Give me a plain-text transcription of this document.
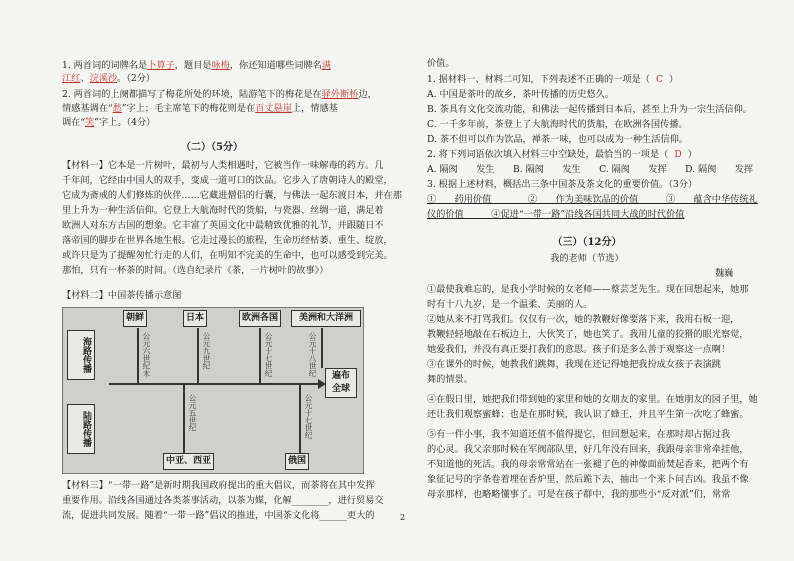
1. 两首词的词牌名是卜算子，题目是咏梅，你还知道哪些词牌名满
江红、浣溪沙。（2分）
2. 两首词的上阕都描写了梅花所处的环境，陆游笔下的梅花是在驿外断桥边，
情感基调在“愁”字上；毛主席笔下的梅花则是在百丈悬崖上，情感基
调在“笑”字上。（4分）
（二）（5分）
【材料一】它本是一片树叶，最初与人类相遇时，它被当作一味解毒的药方。几
千年间，它经由中国人的双手，变成一道可口的饮品。它步入了唐朝诗人的殿堂，
它成为斋戒的人们修炼的伙伴……它藏进僧侣的行囊，与佛法一起东渡日本，并在那
里上升为一种生活信仰。它登上大航海时代的货船，与瓷器、丝绸一道，满足着
欧洲人对东方古国的想象。它丰富了英国文化中最精致优雅的礼节，并跟随日不
落帝国的脚步在世界各地生根。它走过漫长的旅程，生命历经枯萎、重生、绽放，
或许只是为了提醒匆忙行走的人们，在明知不完美的生命中，也可以感受到完美。
那怕，只有一杯茶的时间。（选自纪录片《茶，一片树叶的故事》）
【材料二】中国茶传播示意图
朝鲜	日本	欧洲各国	美洲和大洋洲
海路传播
陆路传播
遍布全球
中亚、西亚	俄国
公元六世纪末	公元九世纪	公元十七世纪	公元十八世纪
公元五世纪	公元十七世纪
【材料三】“一带一路”是新时期我国政府提出的重大倡议，而茶将在其中发挥
重要作用。沿线各国通过各类茶事活动，以茶为媒，化解________，进行贸易交
流，促进共同发展。随着“一带一路”倡议的推进，中国茶文化将______更大的	2
价值。
1. 据材料一、材料二可知，下列表述不正确的一项是（ C ）
A. 中国是茶叶的故乡，茶叶传播的历史悠久。
B. 茶具有文化交流功能，和佛法一起传播到日本后，甚至上升为一宗生活信仰。
C. 一千多年前，茶登上了大航海时代的货船，在欧洲各国传播。
D. 茶不但可以作为饮品，禅茶一味，也可以成为一种生活信仰。
2. 将下列词语依次填入材料三中空缺处，最恰当的一项是（ D ）
A. 隔阂　　发生　　B. 隔阂　　发生　　C. 隔阂　　发挥　　D. 隔阂　　发挥
3. 根据上述材料，概括出三条中国茶及茶文化的重要价值。（3分）
①　　药用价值　　　　②　　作为美味饮品的价值　　　③　　蕴含中华传统礼
仪的价值　　　④促进“一带一路”沿线各国共同大战的时代价值
（三）（12分）
我的老师（节选）
魏巍
①最使我难忘的，是我小学时候的女老师——蔡芸芝先生。现在回想起来，她那
时有十八九岁，是一个温柔、美丽的人。
②她从来不打骂我们。仅仅有一次，她的教鞭好像要落下来，我用石板一迎，
教鞭轻轻地敲在石板边上，大伙笑了，她也笑了。我用儿童的狡猾的眼光察觉，
她爱我们，并没有真正要打我们的意思。孩子们是多么善于观察这一点啊！
③在课外的时候，她教我们跳舞，我现在还记得她把我扮成女孩子表演跳
舞的情景。
④在假日里，她把我们带到她的家里和她的女朋友的家里。在她朋友的园子里，她
还让我们观察蜜蜂；也是在那时候，我认识了蜂王，并且平生第一次吃了蜂蜜。
⑤有一件小事，我不知道还值不值得提它，但回想起来，在那时却占据过我
的心灵。我父亲那时候在军阀部队里，好几年没有回来，我跟母亲非常牵挂他，
不知道他的死活。我的母亲常常站在一张褪了色的神像面前焚起香来，把两个有
象征记号的字条卷着埋在香炉里，然后跪下去，抽出一个来卜问吉凶。我虽不像
母亲那样，也略略懂事了。可是在孩子群中，我的那些小“反对派”们，常常
